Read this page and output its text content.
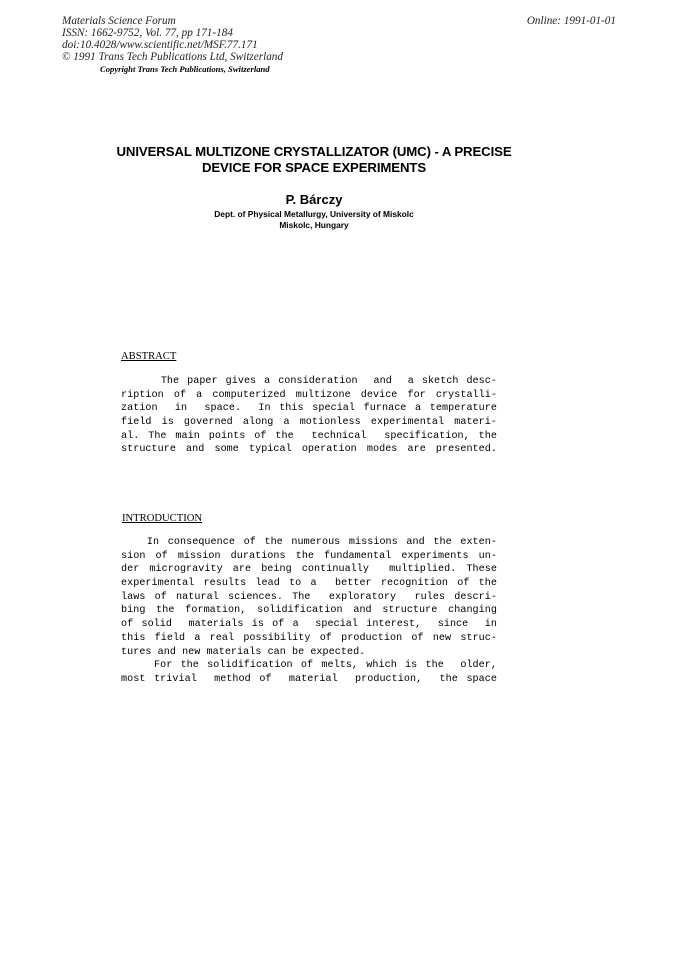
Materials Science Forum
ISSN: 1662-9752, Vol. 77, pp 171-184
doi:10.4028/www.scientific.net/MSF.77.171
© 1991 Trans Tech Publications Ltd, Switzerland
Copyright Trans Tech Publications, Switzerland
Online: 1991-01-01
UNIVERSAL MULTIZONE CRYSTALLIZATOR (UMC) - A PRECISE
DEVICE FOR SPACE EXPERIMENTS
P. Bárczy
Dept. of Physical Metallurgy, University of Miskolc
Miskolc, Hungary
ABSTRACT
The paper gives a consideration  and  a sketch desc-
ription of a computerized multizone device for crystalli-
zation  in  space.  In this special furnace a temperature
field is governed along a motionless experimental materi-
al. The main points of the  technical  specification, the
structure and some typical operation modes are presented.
INTRODUCTION
In consequence of the numerous missions and the exten-
sion of mission durations the fundamental experiments un-
der microgravity are being continually  multiplied. These
experimental results lead to a  better recognition of the
laws of natural sciences. The  exploratory  rules descri-
bing the formation, solidification and structure changing
of solid  materials is of a  special interest,  since  in
this field a real possibility of production of new struc-
tures and new materials can be expected.
For the solidification of melts, which is the  older,
most trivial  method of  material  production,  the space
